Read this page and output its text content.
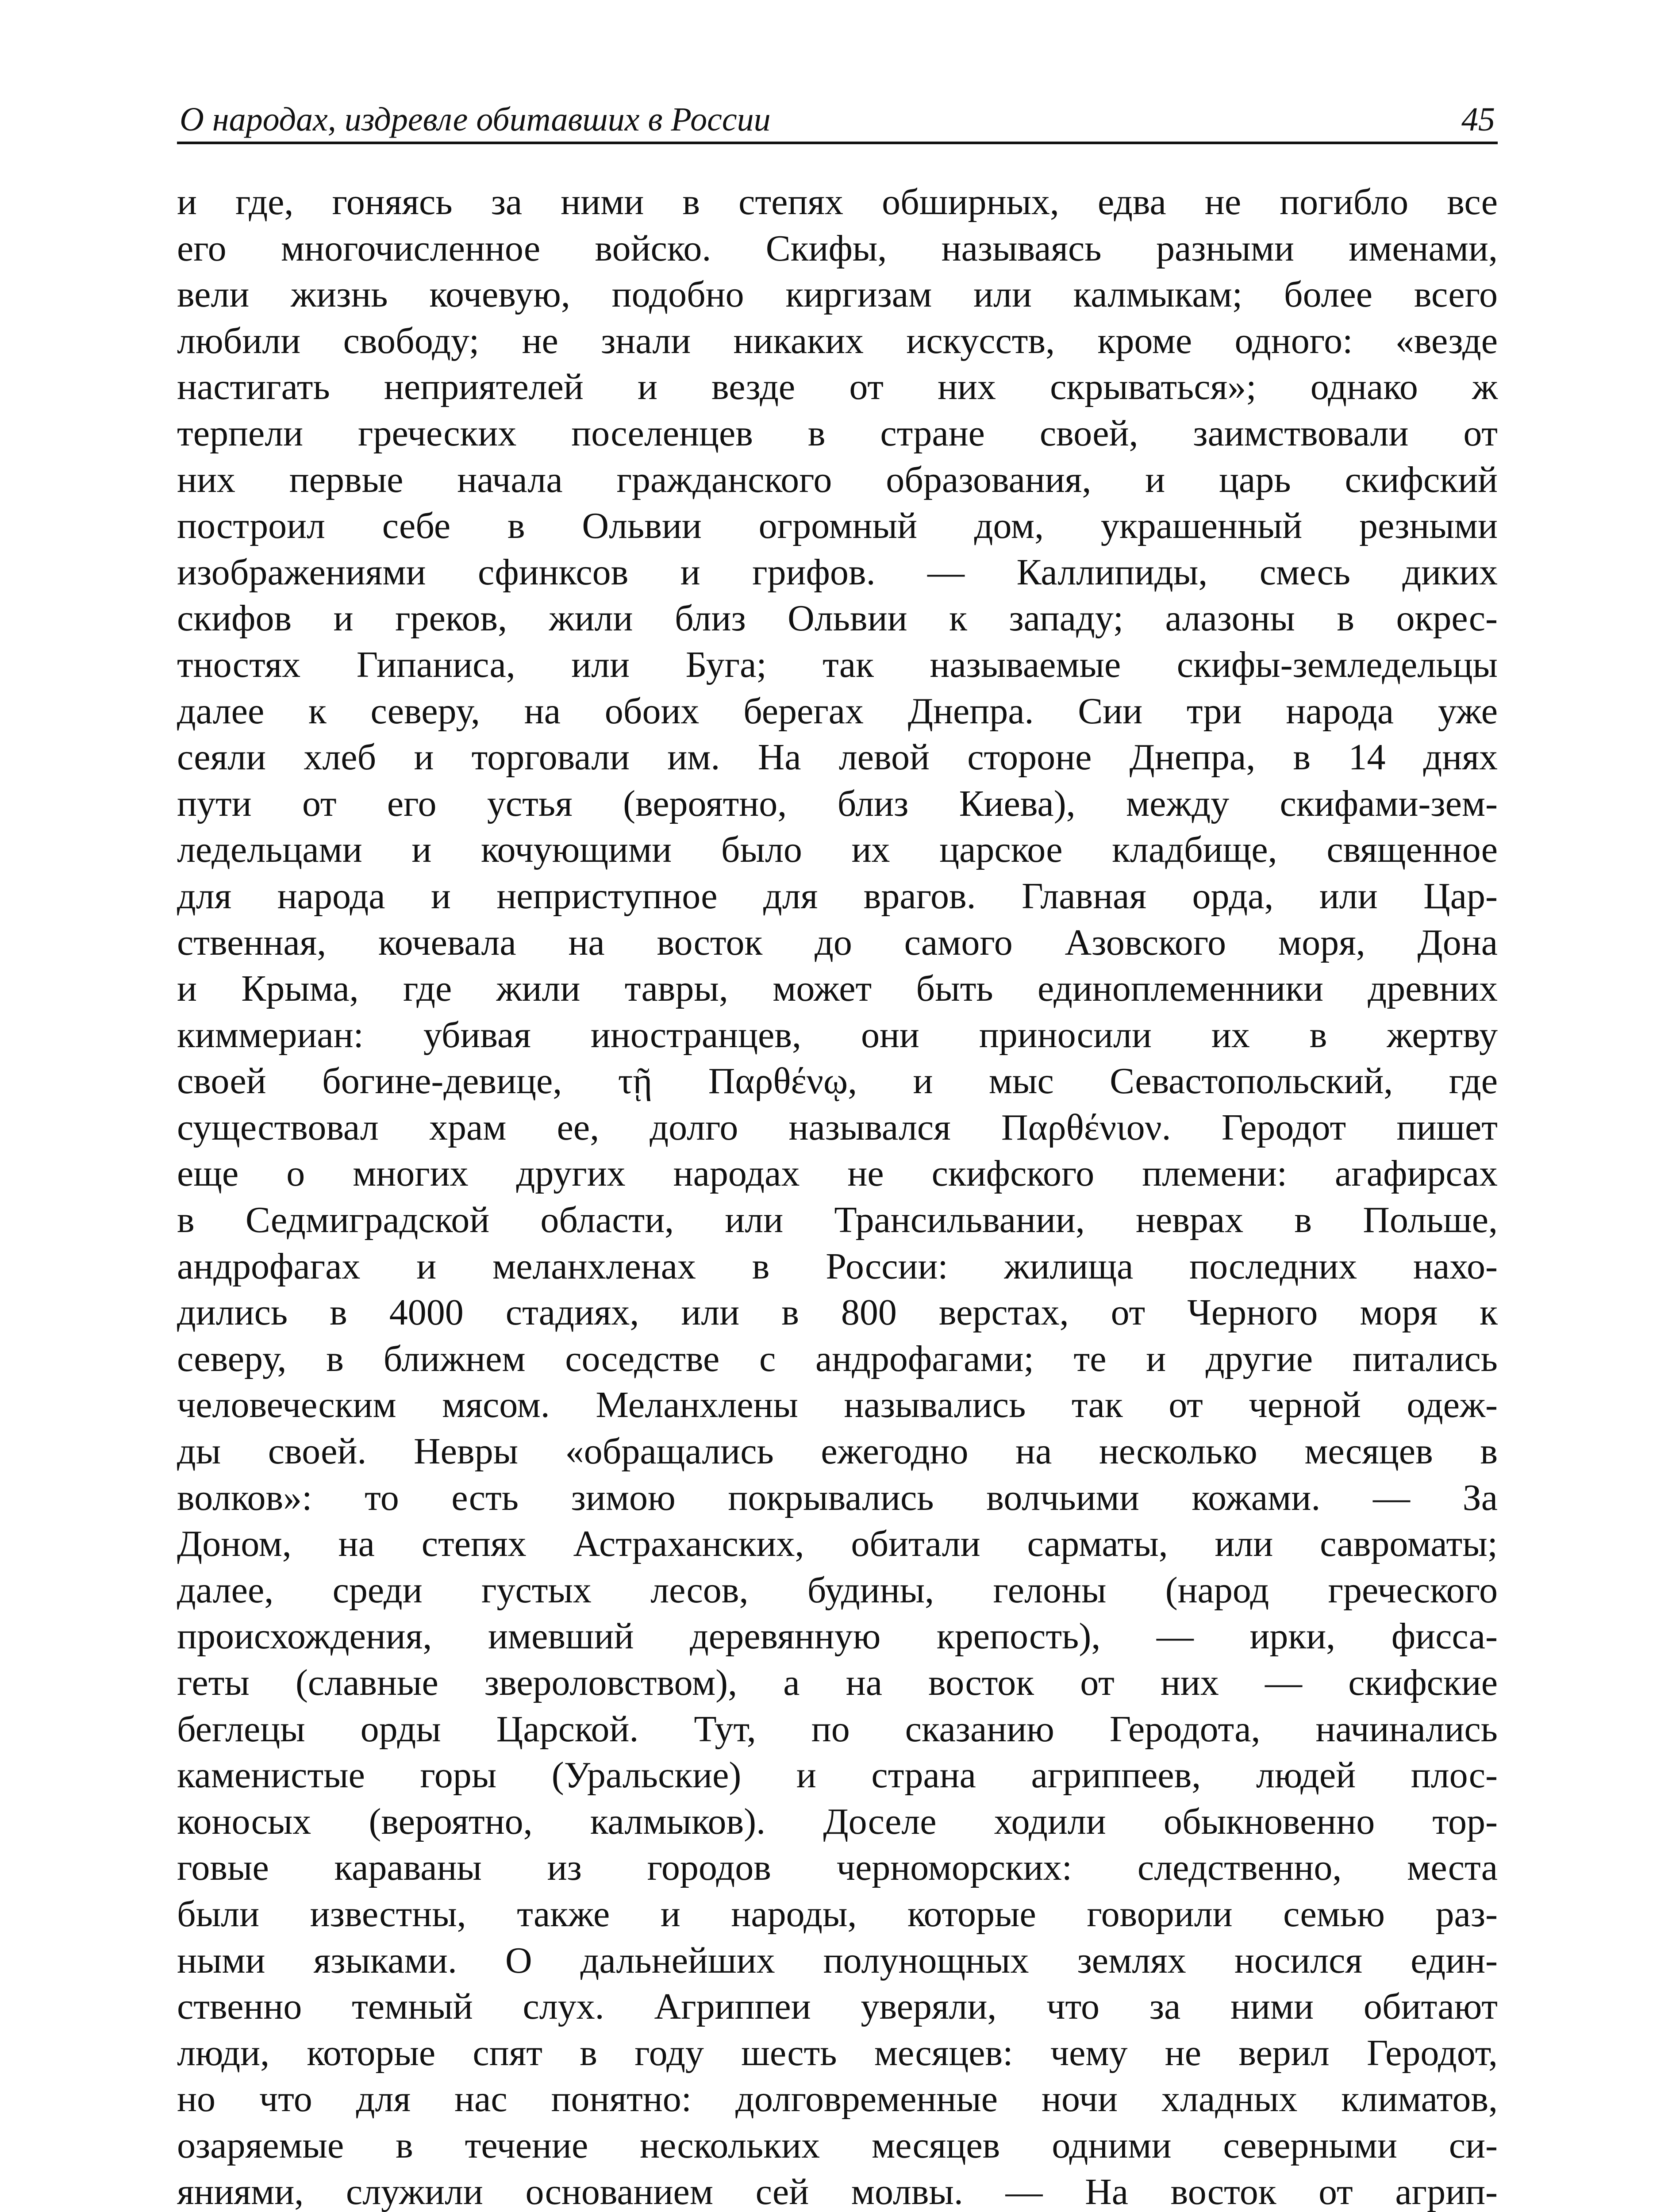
О народах, издревле обитавших в России	45
и где, гоняясь за ними в степях обширных, едва не погибло все
его многочисленное войско. Скифы, называясь разными именами,
вели жизнь кочевую, подобно киргизам или калмыкам; более всего
любили свободу; не знали никаких искусств, кроме одного: «везде
настигать неприятелей и везде от них скрываться»; однако ж
терпели греческих поселенцев в стране своей, заимствовали от
них первые начала гражданского образования, и царь скифский
построил себе в Ольвии огромный дом, украшенный резными
изображениями сфинксов и грифов. — Каллипиды, смесь диких
скифов и греков, жили близ Ольвии к западу; алазоны в окрес-
тностях Гипаниса, или Буга; так называемые скифы-земледельцы
далее к северу, на обоих берегах Днепра. Сии три народа уже
сеяли хлеб и торговали им. На левой стороне Днепра, в 14 днях
пути от его устья (вероятно, близ Киева), между скифами-зем-
ледельцами и кочующими было их царское кладбище, священное
для народа и неприступное для врагов. Главная орда, или Цар-
ственная, кочевала на восток до самого Азовского моря, Дона
и Крыма, где жили тавры, может быть единоплеменники древних
киммериан: убивая иностранцев, они приносили их в жертву
своей богине-девице, τῇ Παρθένῳ, и мыс Севастопольский, где
существовал храм ее, долго назывался Παρθένιον. Геродот пишет
еще о многих других народах не скифского племени: агафирсах
в Седмиградской области, или Трансильвании, неврах в Польше,
андрофагах и меланхленах в России: жилища последних нахо-
дились в 4000 стадиях, или в 800 верстах, от Черного моря к
северу, в ближнем соседстве с андрофагами; те и другие питались
человеческим мясом. Меланхлены назывались так от черной одеж-
ды своей. Невры «обращались ежегодно на несколько месяцев в
волков»: то есть зимою покрывались волчьими кожами. — За
Доном, на степях Астраханских, обитали сарматы, или савроматы;
далее, среди густых лесов, будины, гелоны (народ греческого
происхождения, имевший деревянную крепость), — ирки, фисса-
геты (славные звероловством), а на восток от них — скифские
беглецы орды Царской. Тут, по сказанию Геродота, начинались
каменистые горы (Уральские) и страна агриппеев, людей плос-
коносых (вероятно, калмыков). Доселе ходили обыкновенно тор-
говые караваны из городов черноморских: следственно, места
были известны, также и народы, которые говорили семью раз-
ными языками. О дальнейших полунощных землях носился един-
ственно темный слух. Агриппеи уверяли, что за ними обитают
люди, которые спят в году шесть месяцев: чему не верил Геродот,
но что для нас понятно: долговременные ночи хладных климатов,
озаряемые в течение нескольких месяцев одними северными си-
яниями, служили основанием сей молвы. — На восток от агрип-
